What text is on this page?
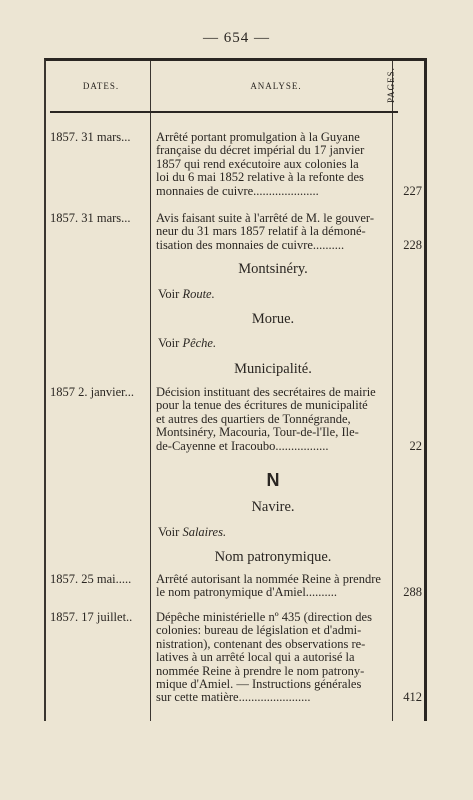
— 654 —
DATES.	ANALYSE.	PAGES.
1857. 31 mars...	Arrêté portant promulgation à la Guyane
française du décret impérial du 17 janvier
1857 qui rend exécutoire aux colonies la
loi du 6 mai 1852 relative à la refonte des
monnaies de cuivre.....................	227
1857. 31 mars...	Avis faisant suite à l'arrêté de M. le gouver-
neur du 31 mars 1857 relatif à la démoné-
tisation des monnaies de cuivre..........	228
Montsinéry.
Voir Route.
Morue.
Voir Pêche.
Municipalité.
1857 2. janvier...	Décision instituant des secrétaires de mairie
pour la tenue des écritures de municipalité
et autres des quartiers de Tonnégrande,
Montsinéry, Macouria, Tour-de-l'Ile, Ile-
de-Cayenne et Iracoubo.................	22
N
Navire.
Voir Salaires.
Nom patronymique.
1857. 25 mai.....	Arrêté autorisant la nommée Reine à prendre
le nom patronymique d'Amiel..........	288
1857. 17 juillet..	Dépêche ministérielle nº 435 (direction des
colonies: bureau de législation et d'admi-
nistration), contenant des observations re-
latives à un arrêté local qui a autorisé la
nommée Reine à prendre le nom patrony-
mique d'Amiel. — Instructions générales
sur cette matière.......................	412
